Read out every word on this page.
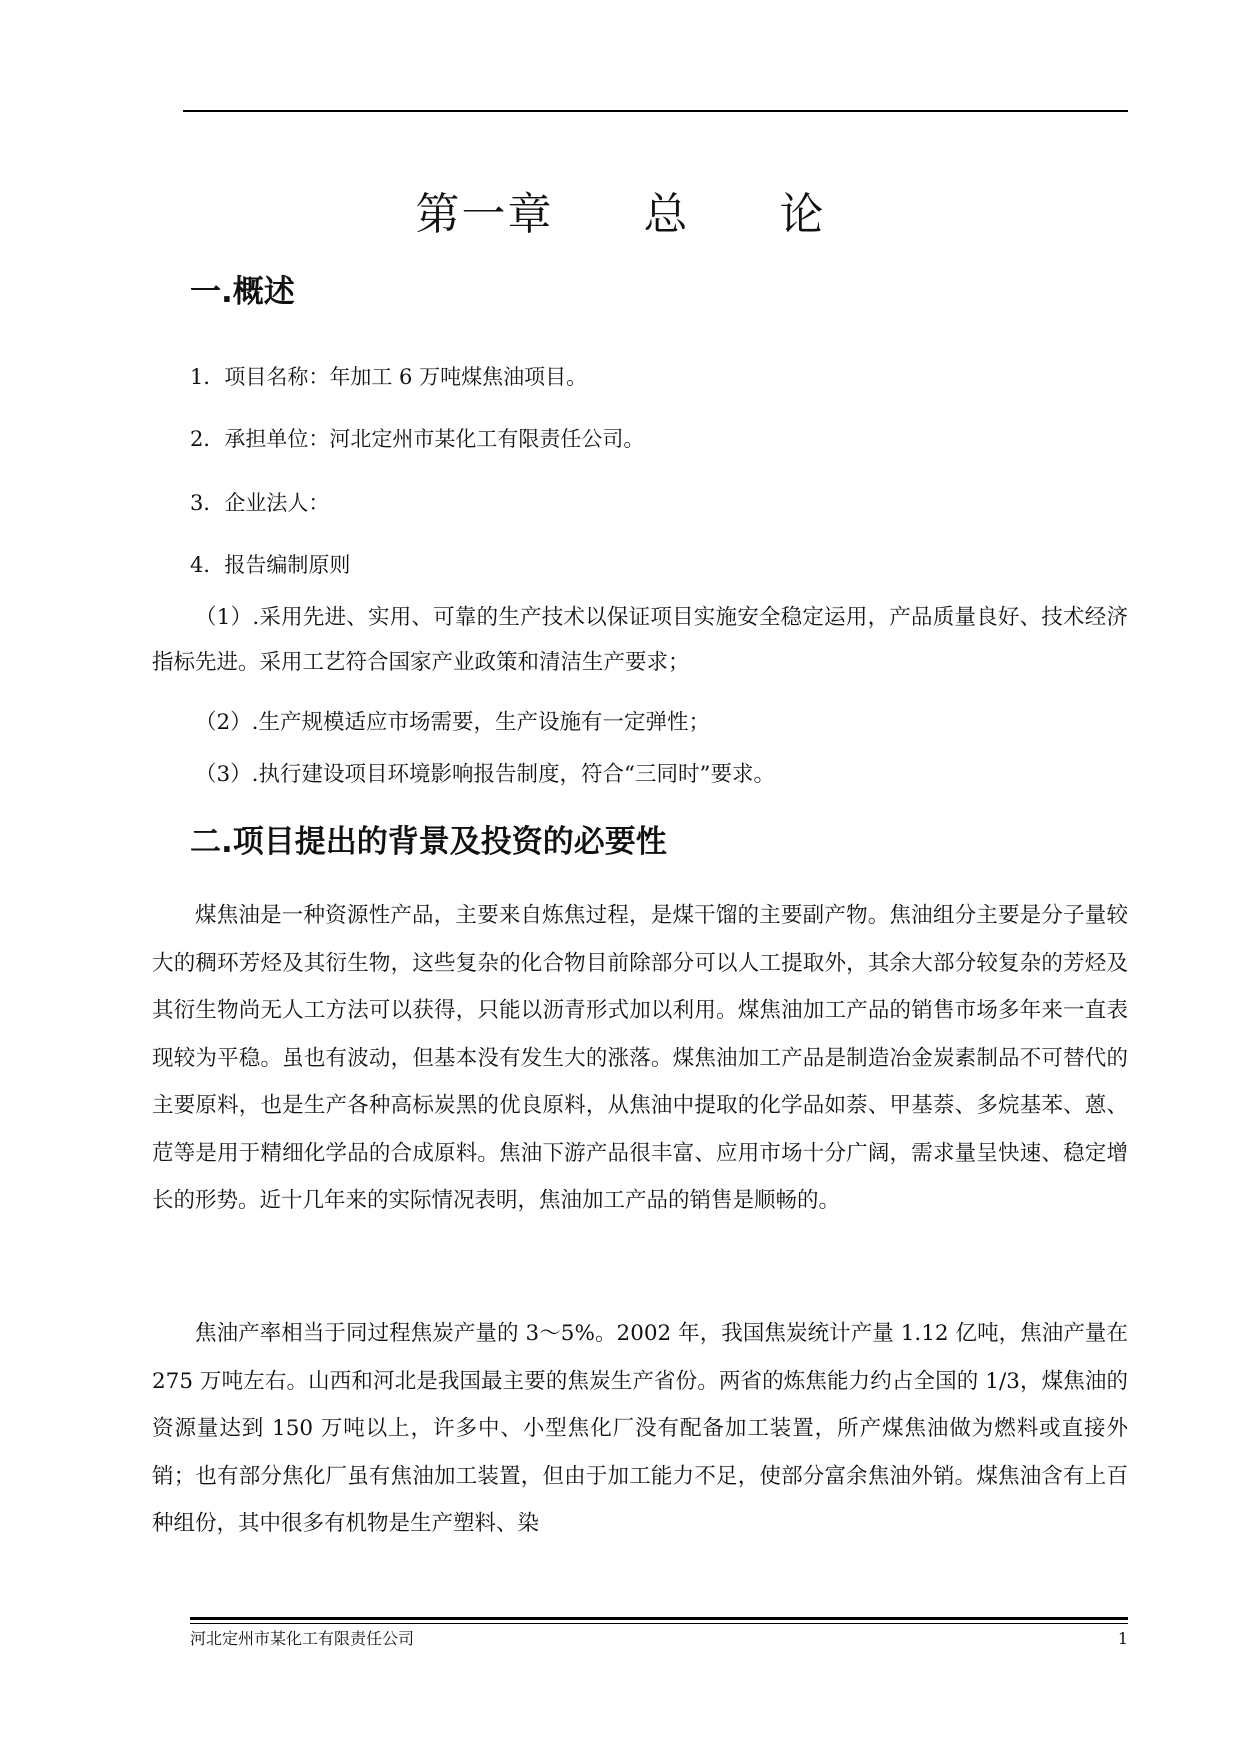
第一章 总 论
一.概述
1．项目名称：年加工 6 万吨煤焦油项目。
2．承担单位：河北定州市某化工有限责任公司。
3．企业法人：
4．报告编制原则

（1）.采用先进、实用、可靠的生产技术以保证项目实施安全稳定运用，产品质量良好、技术经济指标先进。采用工艺符合国家产业政策和清洁生产要求；

（2）.生产规模适应市场需要，生产设施有一定弹性；

（3）.执行建设项目环境影响报告制度，符合“三同时”要求。

二.项目提出的背景及投资的必要性

煤焦油是一种资源性产品，主要来自炼焦过程，是煤干馏的主要副产物。焦油组分主要是分子量较大的稠环芳烃及其衍生物，这些复杂的化合物目前除部分可以人工提取外，其余大部分较复杂的芳烃及其衍生物尚无人工方法可以获得，只能以沥青形式加以利用。煤焦油加工产品的销售市场多年来一直表现较为平稳。虽也有波动，但基本没有发生大的涨落。煤焦油加工产品是制造冶金炭素制品不可替代的主要原料，也是生产各种高标炭黑的优良原料，从焦油中提取的化学品如萘、甲基萘、多烷基苯、蒽、苊等是用于精细化学品的合成原料。焦油下游产品很丰富、应用市场十分广阔，需求量呈快速、稳定增长的形势。近十几年来的实际情况表明，焦油加工产品的销售是顺畅的。

焦油产率相当于同过程焦炭产量的 3～5%。2002 年，我国焦炭统计产量 1.12 亿吨，焦油产量在 275 万吨左右。山西和河北是我国最主要的焦炭生产省份。两省的炼焦能力约占全国的 1/3，煤焦油的资源量达到 150 万吨以上，许多中、小型焦化厂没有配备加工装置，所产煤焦油做为燃料或直接外销；也有部分焦化厂虽有焦油加工装置，但由于加工能力不足，使部分富余焦油外销。煤焦油含有上百种组份，其中很多有机物是生产塑料、染

河北定州市某化工有限责任公司	1
